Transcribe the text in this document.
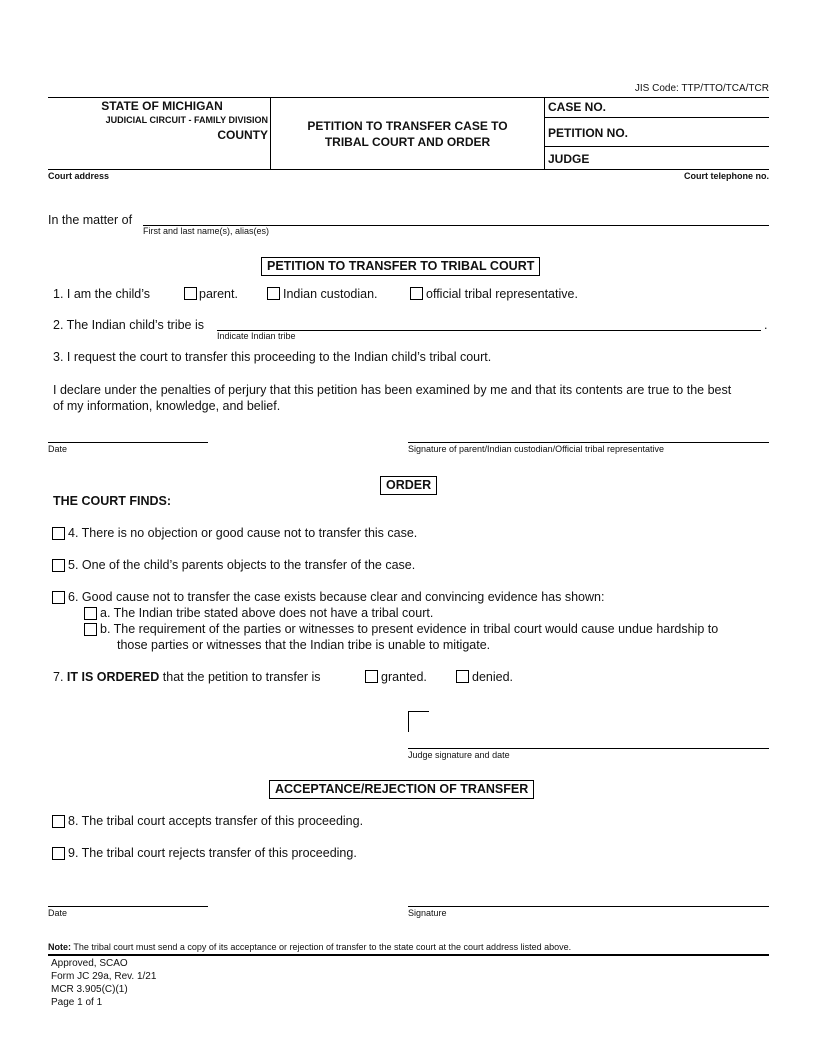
JIS Code: TTP/TTO/TCA/TCR
STATE OF MICHIGAN
JUDICIAL CIRCUIT - FAMILY DIVISION
COUNTY
PETITION TO TRANSFER CASE TO
TRIBAL COURT AND ORDER
CASE NO.
PETITION NO.
JUDGE
Court address	Court telephone no.
In the matter of
First and last name(s), alias(es)
PETITION TO TRANSFER TO TRIBAL COURT
1. I am the child’s	parent.	Indian custodian.	official tribal representative.
2. The Indian child’s tribe is	.
Indicate Indian tribe
3. I request the court to transfer this proceeding to the Indian child’s tribal court.
I declare under the penalties of perjury that this petition has been examined by me and that its contents are true to the best
of my information, knowledge, and belief.
Date	Signature of parent/Indian custodian/Official tribal representative
ORDER
THE COURT FINDS:
4. There is no objection or good cause not to transfer this case.
5. One of the child’s parents objects to the transfer of the case.
6. Good cause not to transfer the case exists because clear and convincing evidence has shown:
a. The Indian tribe stated above does not have a tribal court.
b. The requirement of the parties or witnesses to present evidence in tribal court would cause undue hardship to
those parties or witnesses that the Indian tribe is unable to mitigate.
7. IT IS ORDERED that the petition to transfer is	granted.	denied.
Judge signature and date
ACCEPTANCE/REJECTION OF TRANSFER
8. The tribal court accepts transfer of this proceeding.
9. The tribal court rejects transfer of this proceeding.
Date	Signature
Note: The tribal court must send a copy of its acceptance or rejection of transfer to the state court at the court address listed above.
Approved, SCAO
Form JC 29a, Rev. 1/21
MCR 3.905(C)(1)
Page 1 of 1
